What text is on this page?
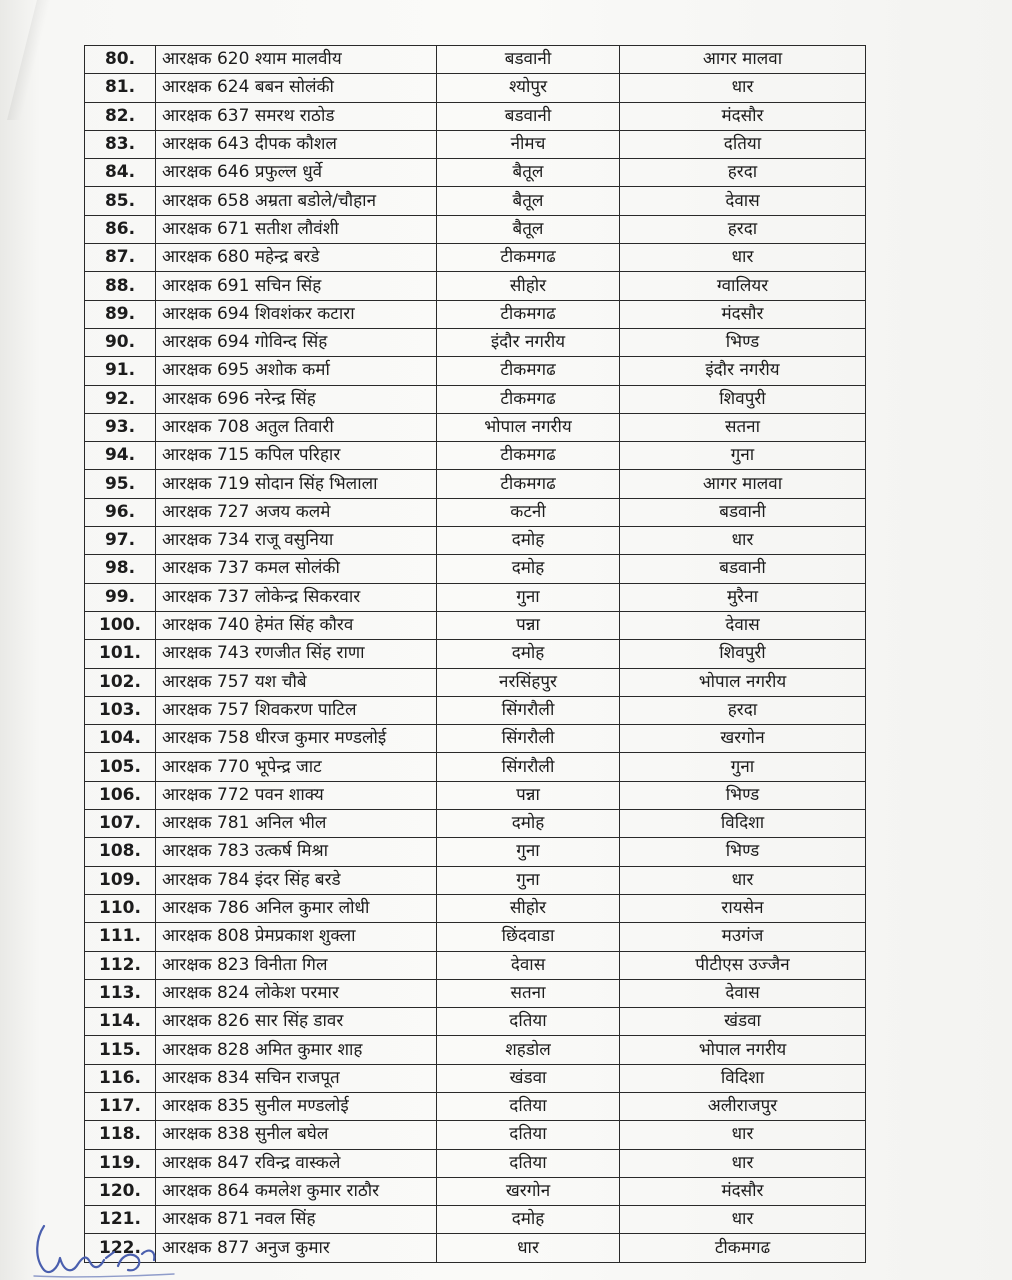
80.	आरक्षक 620 श्याम मालवीय	बडवानी	आगर मालवा
81.	आरक्षक 624 बबन सोलंकी	श्योपुर	धार
82.	आरक्षक 637 समरथ राठोड	बडवानी	मंदसौर
83.	आरक्षक 643 दीपक कौशल	नीमच	दतिया
84.	आरक्षक 646 प्रफुल्ल धुर्वे	बैतूल	हरदा
85.	आरक्षक 658 अम्रता बडोले/चौहान	बैतूल	देवास
86.	आरक्षक 671 सतीश लौवंशी	बैतूल	हरदा
87.	आरक्षक 680 महेन्द्र बरडे	टीकमगढ	धार
88.	आरक्षक 691 सचिन सिंह	सीहोर	ग्वालियर
89.	आरक्षक 694 शिवशंकर कटारा	टीकमगढ	मंदसौर
90.	आरक्षक 694 गोविन्द सिंह	इंदौर नगरीय	भिण्ड
91.	आरक्षक 695 अशोक कर्मा	टीकमगढ	इंदौर नगरीय
92.	आरक्षक 696 नरेन्द्र सिंह	टीकमगढ	शिवपुरी
93.	आरक्षक 708 अतुल तिवारी	भोपाल नगरीय	सतना
94.	आरक्षक 715 कपिल परिहार	टीकमगढ	गुना
95.	आरक्षक 719 सोदान सिंह भिलाला	टीकमगढ	आगर मालवा
96.	आरक्षक 727 अजय कलमे	कटनी	बडवानी
97.	आरक्षक 734 राजू वसुनिया	दमोह	धार
98.	आरक्षक 737 कमल सोलंकी	दमोह	बडवानी
99.	आरक्षक 737 लोकेन्द्र सिकरवार	गुना	मुरैना
100.	आरक्षक 740 हेमंत सिंह कौरव	पन्ना	देवास
101.	आरक्षक 743 रणजीत सिंह राणा	दमोह	शिवपुरी
102.	आरक्षक 757 यश चौबे	नरसिंहपुर	भोपाल नगरीय
103.	आरक्षक 757 शिवकरण पाटिल	सिंगरौली	हरदा
104.	आरक्षक 758 धीरज कुमार मण्डलोई	सिंगरौली	खरगोन
105.	आरक्षक 770 भूपेन्द्र जाट	सिंगरौली	गुना
106.	आरक्षक 772 पवन शाक्य	पन्ना	भिण्ड
107.	आरक्षक 781 अनिल भील	दमोह	विदिशा
108.	आरक्षक 783 उत्कर्ष मिश्रा	गुना	भिण्ड
109.	आरक्षक 784 इंदर सिंह बरडे	गुना	धार
110.	आरक्षक 786 अनिल कुमार लोधी	सीहोर	रायसेन
111.	आरक्षक 808 प्रेमप्रकाश शुक्ला	छिंदवाडा	मउगंज
112.	आरक्षक 823 विनीता गिल	देवास	पीटीएस उज्जैन
113.	आरक्षक 824 लोकेश परमार	सतना	देवास
114.	आरक्षक 826 सार सिंह डावर	दतिया	खंडवा
115.	आरक्षक 828 अमित कुमार शाह	शहडोल	भोपाल नगरीय
116.	आरक्षक 834 सचिन राजपूत	खंडवा	विदिशा
117.	आरक्षक 835 सुनील मण्डलोई	दतिया	अलीराजपुर
118.	आरक्षक 838 सुनील बघेल	दतिया	धार
119.	आरक्षक 847 रविन्द्र वास्कले	दतिया	धार
120.	आरक्षक 864 कमलेश कुमार राठौर	खरगोन	मंदसौर
121.	आरक्षक 871 नवल सिंह	दमोह	धार
122.	आरक्षक 877 अनुज कुमार	धार	टीकमगढ
